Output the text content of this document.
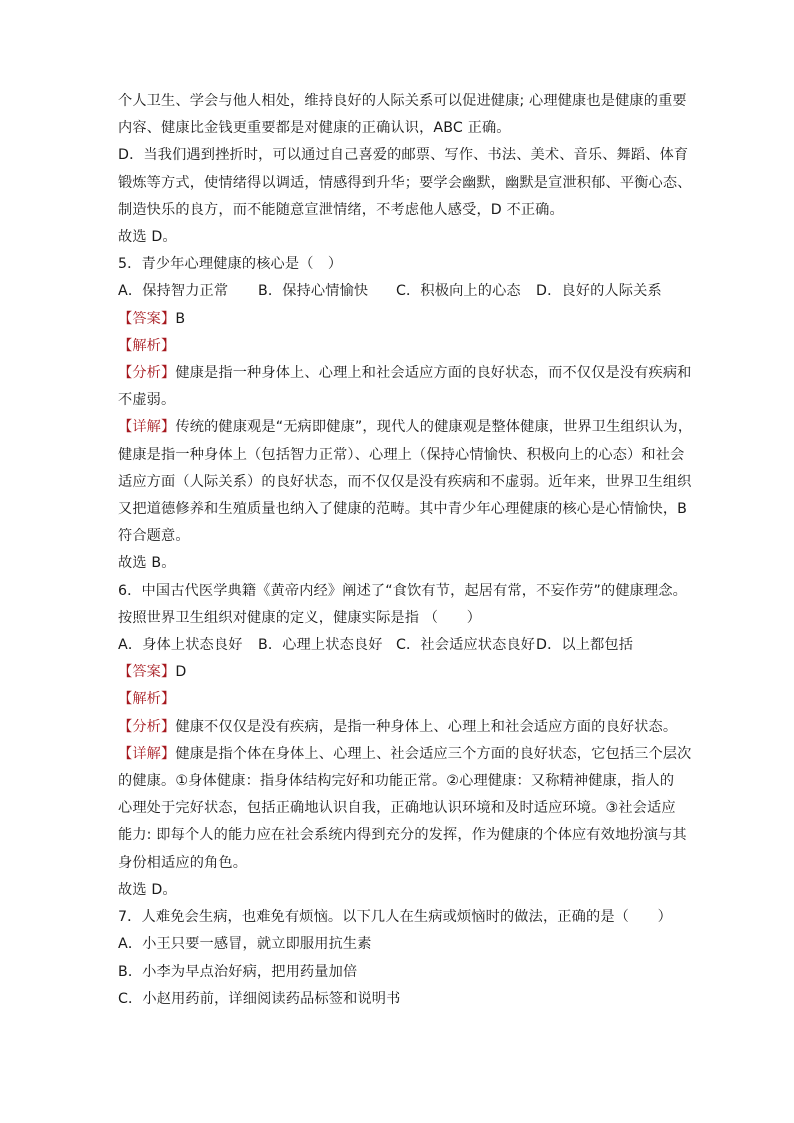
个人卫生、学会与他人相处，维持良好的人际关系可以促进健康; 心理健康也是健康的重要
内容、健康比金钱更重要都是对健康的正确认识，ABC 正确。
D．当我们遇到挫折时，可以通过自己喜爱的邮票、写作、书法、美术、音乐、舞蹈、体育
锻炼等方式，使情绪得以调适，情感得到升华；要学会幽默，幽默是宣泄积郁、平衡心态、
制造快乐的良方，而不能随意宣泄情绪，不考虑他人感受，D 不正确。
故选 D。
5．青少年心理健康的核心是（　）
A．保持智力正常 B．保持心情愉快 C．积极向上的心态 D．良好的人际关系
【答案】B
【解析】
【分析】健康是指一种身体上、心理上和社会适应方面的良好状态，而不仅仅是没有疾病和
不虚弱。
【详解】传统的健康观是“无病即健康”，现代人的健康观是整体健康，世界卫生组织认为，
健康是指一种身体上（包括智力正常）、心理上（保持心情愉快、积极向上的心态）和社会
适应方面（人际关系）的良好状态，而不仅仅是没有疾病和不虚弱。近年来，世界卫生组织
又把道德修养和生殖质量也纳入了健康的范畴。其中青少年心理健康的核心是心情愉快，B
符合题意。
故选 B。
6．中国古代医学典籍《黄帝内经》阐述了“食饮有节，起居有常，不妄作劳”的健康理念。
按照世界卫生组织对健康的定义，健康实际是指 （　　）
A．身体上状态良好 B．心理上状态良好 C．社会适应状态良好D．以上都包括
【答案】D
【解析】
【分析】健康不仅仅是没有疾病，是指一种身体上、心理上和社会适应方面的良好状态。
【详解】健康是指个体在身体上、心理上、社会适应三个方面的良好状态，它包括三个层次
的健康。①身体健康：指身体结构完好和功能正常。②心理健康：又称精神健康，指人的
心理处于完好状态，包括正确地认识自我，正确地认识环境和及时适应环境。③社会适应
能力: 即每个人的能力应在社会系统内得到充分的发挥，作为健康的个体应有效地扮演与其
身份相适应的角色。
故选 D。
7．人难免会生病，也难免有烦恼。以下几人在生病或烦恼时的做法，正确的是（　　）
A．小王只要一感冒，就立即服用抗生素
B．小李为早点治好病，把用药量加倍
C．小赵用药前，详细阅读药品标签和说明书
